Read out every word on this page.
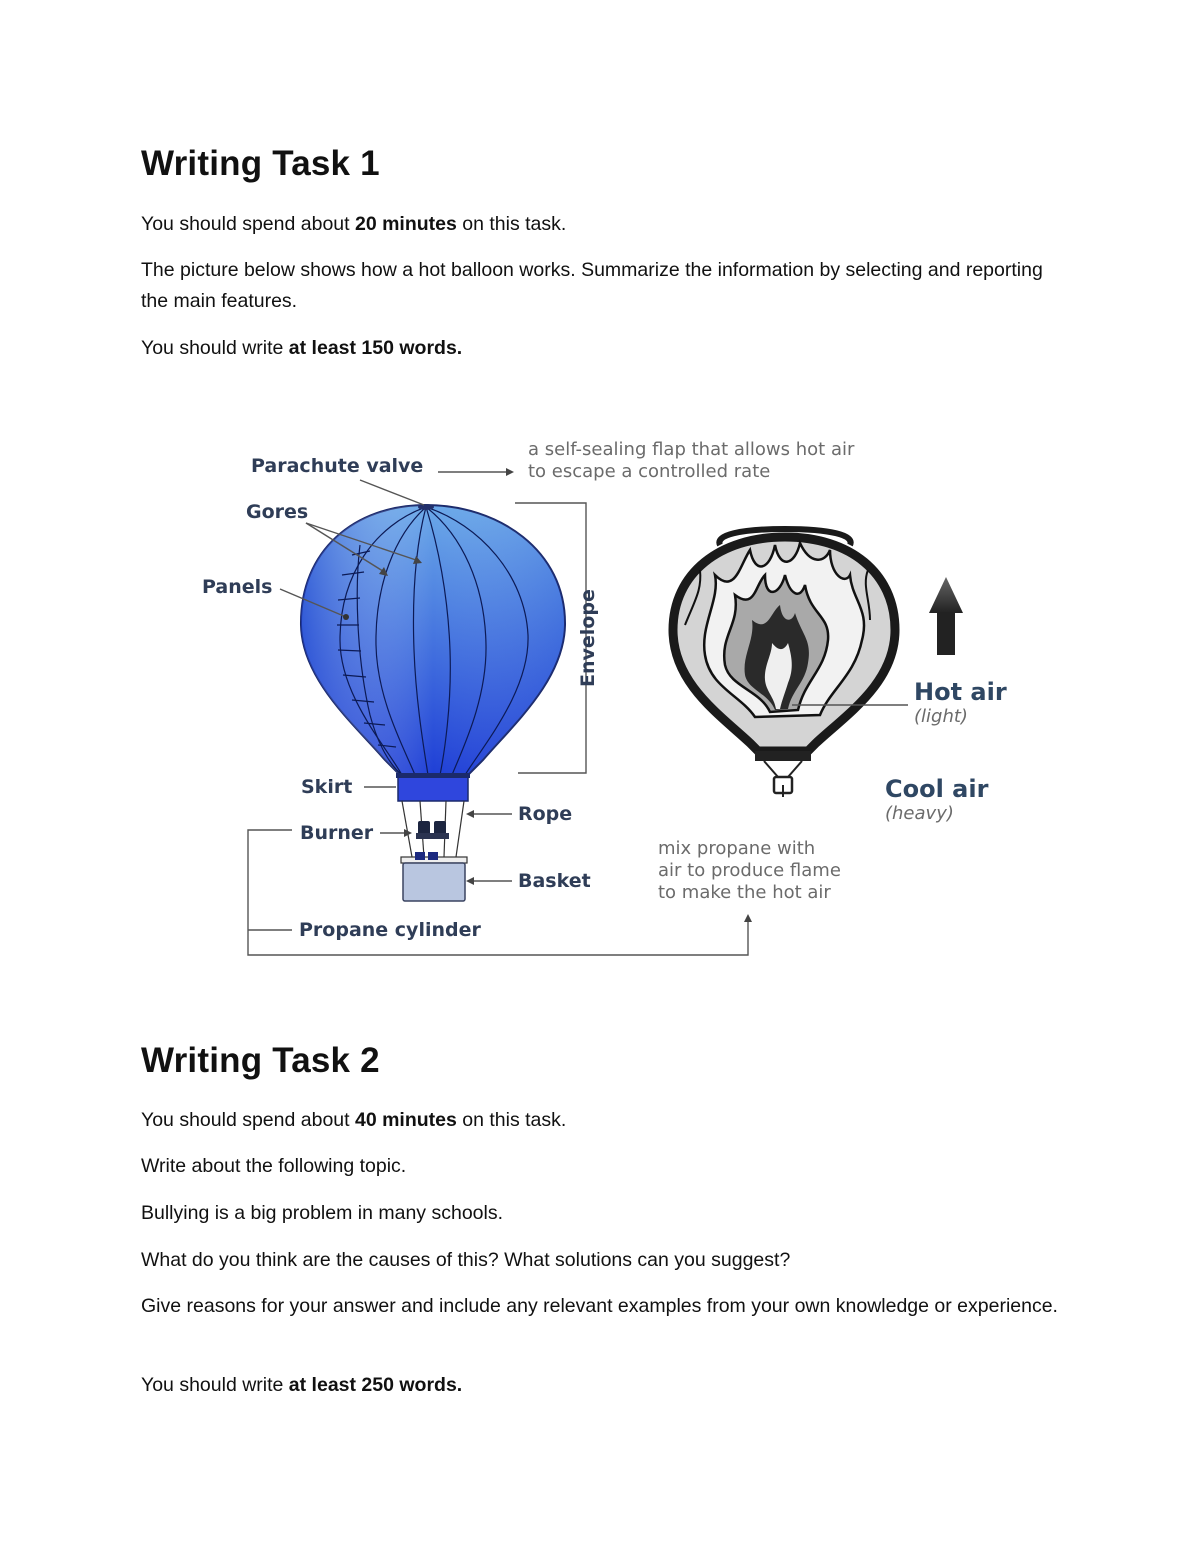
Writing Task 1

You should spend about 20 minutes on this task.

The picture below shows how a hot balloon works. Summarize the information by selecting and reporting the main features.

You should write at least 150 words.

Parachute valve
a self-sealing flap that allows hot air
to escape a controlled rate
Gores
Panels
Skirt
Burner
Rope
Basket
Propane cylinder
Envelope
mix propane with
air to produce flame
to make the hot air
Hot air
(light)
Cool air
(heavy)
Writing Task 2

You should spend about 40 minutes on this task.

Write about the following topic.

Bullying is a big problem in many schools.

What do you think are the causes of this? What solutions can you suggest?

Give reasons for your answer and include any relevant examples from your own knowledge or experience.

You should write at least 250 words.
